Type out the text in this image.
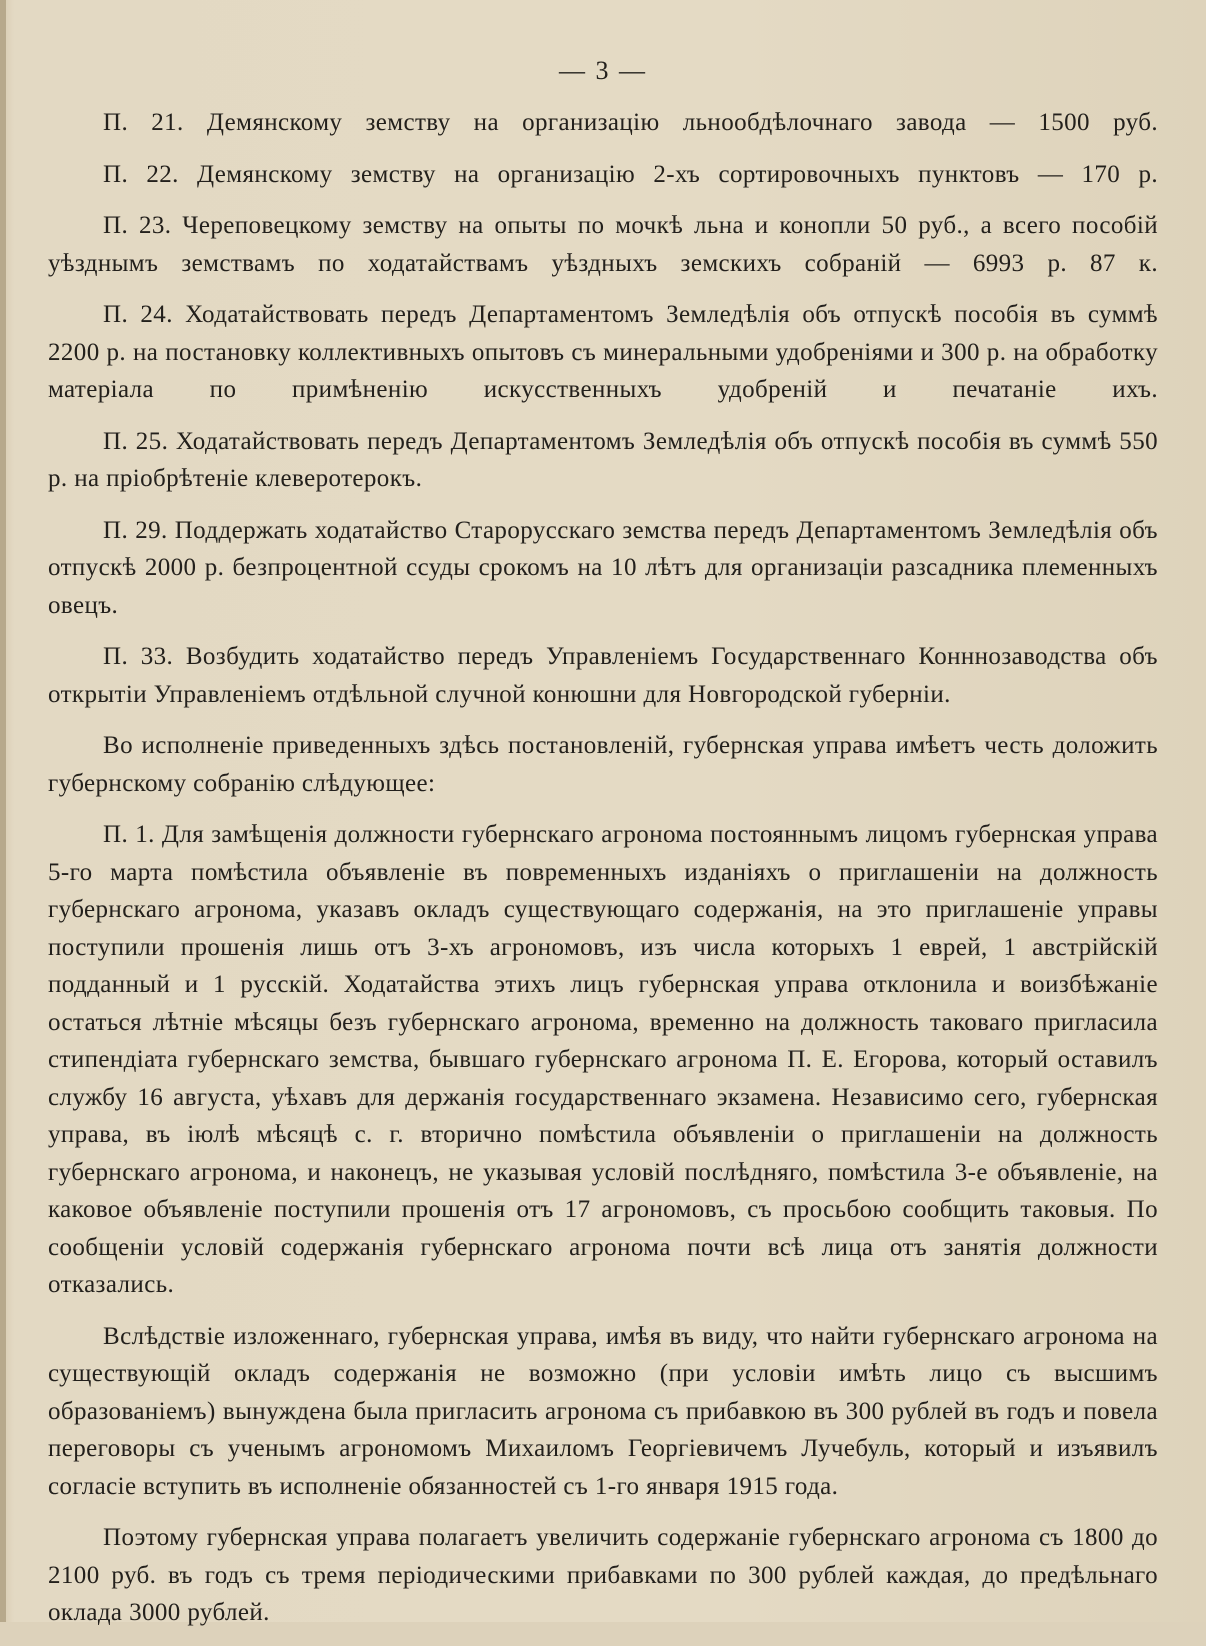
— 3 —

П. 21. Демянскому земству на организацію льнообдѣлочнаго завода — 1500 руб.

П. 22. Демянскому земству на организацію 2-хъ сортировочныхъ пунктовъ — 170 р.

П. 23. Череповецкому земству на опыты по мочкѣ льна и конопли 50 руб., а всего пособій уѣзднымъ земствамъ по ходатайствамъ уѣздныхъ земскихъ собраній — 6993 р. 87 к.

П. 24. Ходатайствовать передъ Департаментомъ Земледѣлія объ отпускѣ пособія въ суммѣ 2200 р. на постановку коллективныхъ опытовъ съ минеральными удобреніями и 300 р. на обработку матеріала по примѣненію искусственныхъ удобреній и печатаніе ихъ.

П. 25. Ходатайствовать передъ Департаментомъ Земледѣлія объ отпускѣ пособія въ суммѣ 550 р. на пріобрѣтеніе клеверотерокъ.

П. 29. Поддержать ходатайство Старорусскаго земства передъ Департаментомъ Земледѣлія объ отпускѣ 2000 р. безпроцентной ссуды срокомъ на 10 лѣтъ для организаціи разсадника племенныхъ овецъ.

П. 33. Возбудить ходатайство передъ Управленіемъ Государственнаго Конннозаводства объ открытіи Управленіемъ отдѣльной случной конюшни для Новгородской губерніи.

Во исполненіе приведенныхъ здѣсь постановленій, губернская управа имѣетъ честь доложить губернскому собранію слѣдующее:

П. 1. Для замѣщенія должности губернскаго агронома постояннымъ лицомъ губернская управа 5-го марта помѣстила объявленіе въ повременныхъ изданіяхъ о приглашеніи на должность губернскаго агронома, указавъ окладъ существующаго содержанія, на это приглашеніе управы поступили прошенія лишь отъ 3-хъ агрономовъ, изъ числа которыхъ 1 еврей, 1 австрійскій подданный и 1 русскій. Ходатайства этихъ лицъ губернская управа отклонила и воизбѣжаніе остаться лѣтніе мѣсяцы безъ губернскаго агронома, временно на должность таковаго пригласила стипендіата губернскаго земства, бывшаго губернскаго агронома П. Е. Егорова, который оставилъ службу 16 августа, уѣхавъ для держанія государственнаго экзамена. Независимо сего, губернская управа, въ іюлѣ мѣсяцѣ с. г. вторично помѣстила объявленіи о приглашеніи на должность губернскаго агронома, и наконецъ, не указывая условій послѣдняго, помѣстила 3-е объявленіе, на каковое объявленіе поступили прошенія отъ 17 агрономовъ, съ просьбою сообщить таковыя. По сообщеніи условій содержанія губернскаго агронома почти всѣ лица отъ занятія должности отказались.

Вслѣдствіе изложеннаго, губернская управа, имѣя въ виду, что найти губернскаго агронома на существующій окладъ содержанія не возможно (при условіи имѣть лицо съ высшимъ образованіемъ) вынуждена была пригласить агронома съ прибавкою въ 300 рублей въ годъ и повела переговоры съ ученымъ агрономомъ Михаиломъ Георгіевичемъ Лучебуль, который и изъявилъ согласіе вступить въ исполненіе обязанностей съ 1-го января 1915 года.

Поэтому губернская управа полагаетъ увеличить содержаніе губернскаго агронома съ 1800 до 2100 руб. въ годъ съ тремя періодическими прибавками по 300 рублей каждая, до предѣльнаго оклада 3000 рублей.
